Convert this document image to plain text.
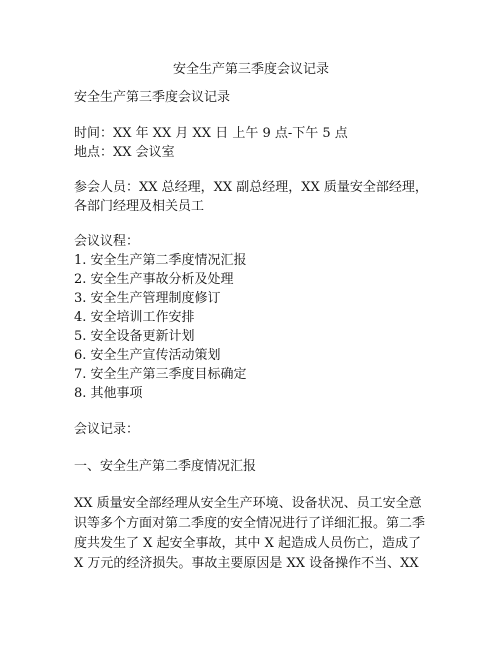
安全生产第三季度会议记录
安全生产第三季度会议记录
时间：XX 年 XX 月 XX 日 上午 9 点-下午 5 点
地点：XX 会议室
参会人员：XX 总经理，XX 副总经理，XX 质量安全部经理，
各部门经理及相关员工
会议议程：
1. 安全生产第二季度情况汇报
2. 安全生产事故分析及处理
3. 安全生产管理制度修订
4. 安全培训工作安排
5. 安全设备更新计划
6. 安全生产宣传活动策划
7. 安全生产第三季度目标确定
8. 其他事项
会议记录：
一、安全生产第二季度情况汇报
XX 质量安全部经理从安全生产环境、设备状况、员工安全意
识等多个方面对第二季度的安全情况进行了详细汇报。第二季
度共发生了 X 起安全事故，其中 X 起造成人员伤亡，造成了
X 万元的经济损失。事故主要原因是 XX 设备操作不当、XX
